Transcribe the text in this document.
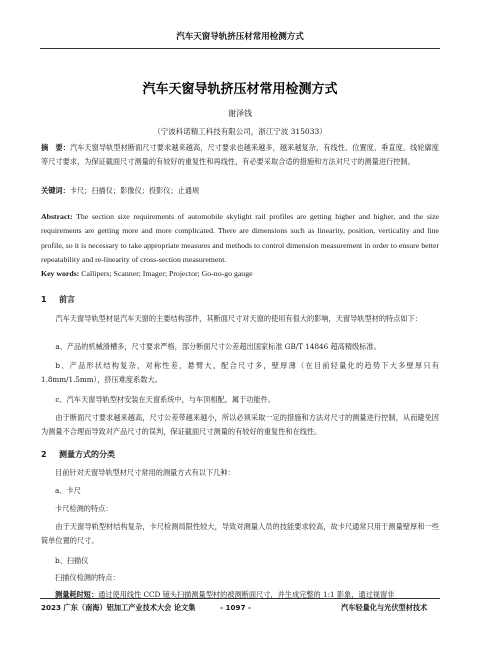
汽车天窗导轨挤压材常用检测方式
汽车天窗导轨挤压材常用检测方式
谢泽钱
（宁波科诺精工科技有限公司，浙江宁波 315033）
摘　要：汽车天窗导轨型材断面尺寸要求越来越高，尺寸要求也越来越多，越来越复杂，有线性、位置度、垂直度、线轮廓度等尺寸要求，为保证截面尺寸测量的有较好的重复性和再线性，有必要采取合适的措施和方法对尺寸的测量进行控制。
关键词：卡尺；扫描仪；影像仪；投影仪；止通规
Abstract: The section size requirements of automobile skylight rail profiles are getting higher and higher, and the size requirements are getting more and more complicated. There are dimensions such as linearity, position, verticality and line profile, so it is necessary to take appropriate measures and methods to control dimension measurement in order to ensure better repeatability and re-linearity of cross-section measurement.
Key words: Callipers; Scanner; Imager; Projector; Go-no-go gauge
1 前言
汽车天窗导轨型材是汽车天窗的主要结构部件，其断面尺寸对天窗的使用有很大的影响，天窗导轨型材的特点如下：
a、产品的机械滑槽多，尺寸要求严格，部分断面尺寸公差超出国家标准 GB/T 14846 超高精级标准。
b、产品形状结构复杂，对称性差，悬臂大，配合尺寸多，壁厚薄（在目前轻量化的趋势下大多壁厚只有1.8mm/1.5mm），挤压难度系数大。
c、汽车天窗导轨型材安装在天窗系统中，与车顶相配，属于功能件。
由于断面尺寸要求越来越高，尺寸公差带越来越小，所以必须采取一定的措施和方法对尺寸的测量进行控制，从而避免因为测量不合理而导致对产品尺寸的误判，保证截面尺寸测量的有较好的重复性和在线性。
2 测量方式的分类
目前针对天窗导轨型材尺寸常用的测量方式有以下几种：
a、卡尺
卡尺检测的特点：
由于天窗导轨型材结构复杂，卡尺检测局限性较大，导致对测量人员的技能要求较高，故卡尺通常只用于测量壁厚和一些简单位置的尺寸。
b、扫描仪
扫描仪检测的特点：
测量耗时短：通过使用线性 CCD 镜头扫描测量型材的被测断面尺寸，并生成完整的 1:1 影象，通过视窗非
2023 广东（南海）铝加工产业技术大会 论文集	- 1097 -	汽车轻量化与光伏型材技术
